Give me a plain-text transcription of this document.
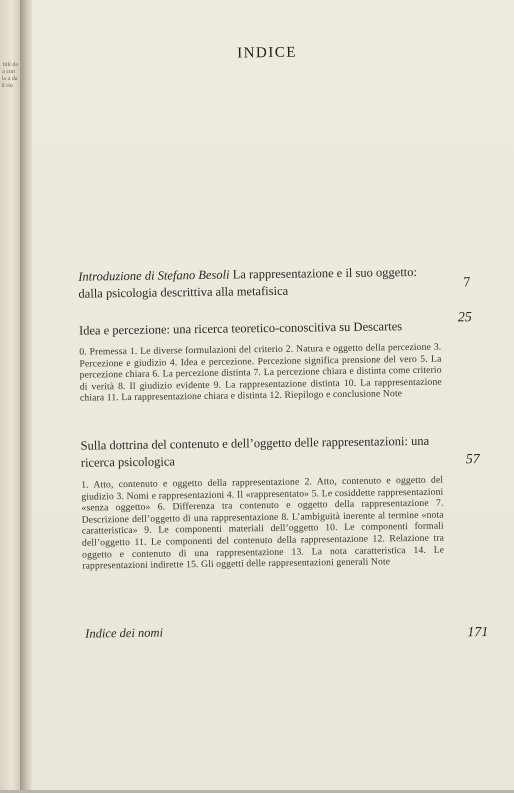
bili da a con la a da il rio
INDICE
Introduzione di Stefano Besoli La rappresentazione e il suo oggetto: dalla psicologia descrittiva alla metafisica
7
Idea e percezione: una ricerca teoretico-conoscitiva su Descartes
25
0. Premessa 1. Le diverse formulazioni del criterio 2. Natura e oggetto della percezione 3. Percezione e giudizio 4. Idea e percezione. Percezione significa prensione del vero 5. La percezione chiara 6. La percezione distinta 7. La percezione chiara e distinta come criterio di verità 8. Il giudizio evidente 9. La rappresentazione distinta 10. La rappresentazione chiara 11. La rappresentazione chiara e distinta 12. Riepilogo e conclusione Note
Sulla dottrina del contenuto e dell’oggetto delle rappresentazioni: una ricerca psicologica	57
1. Atto, contenuto e oggetto della rappresentazione 2. Atto, contenuto e oggetto del giudizio 3. Nomi e rappresentazioni 4. Il «rappresentato» 5. Le cosiddette rappresentazioni «senza oggetto» 6. Differenza tra contenuto e oggetto della rappresentazione 7. Descrizione dell’oggetto di una rappresentazione 8. L’ambiguità inerente al termine «nota caratteristica» 9. Le componenti materiali dell’oggetto 10. Le componenti formali dell’oggetto 11. Le componenti del contenuto della rappresentazione 12. Relazione tra oggetto e contenuto di una rappresentazione 13. La nota caratteristica 14. Le rappresentazioni indirette 15. Gli oggetti delle rappresentazioni generali Note
Indice dei nomi	171
